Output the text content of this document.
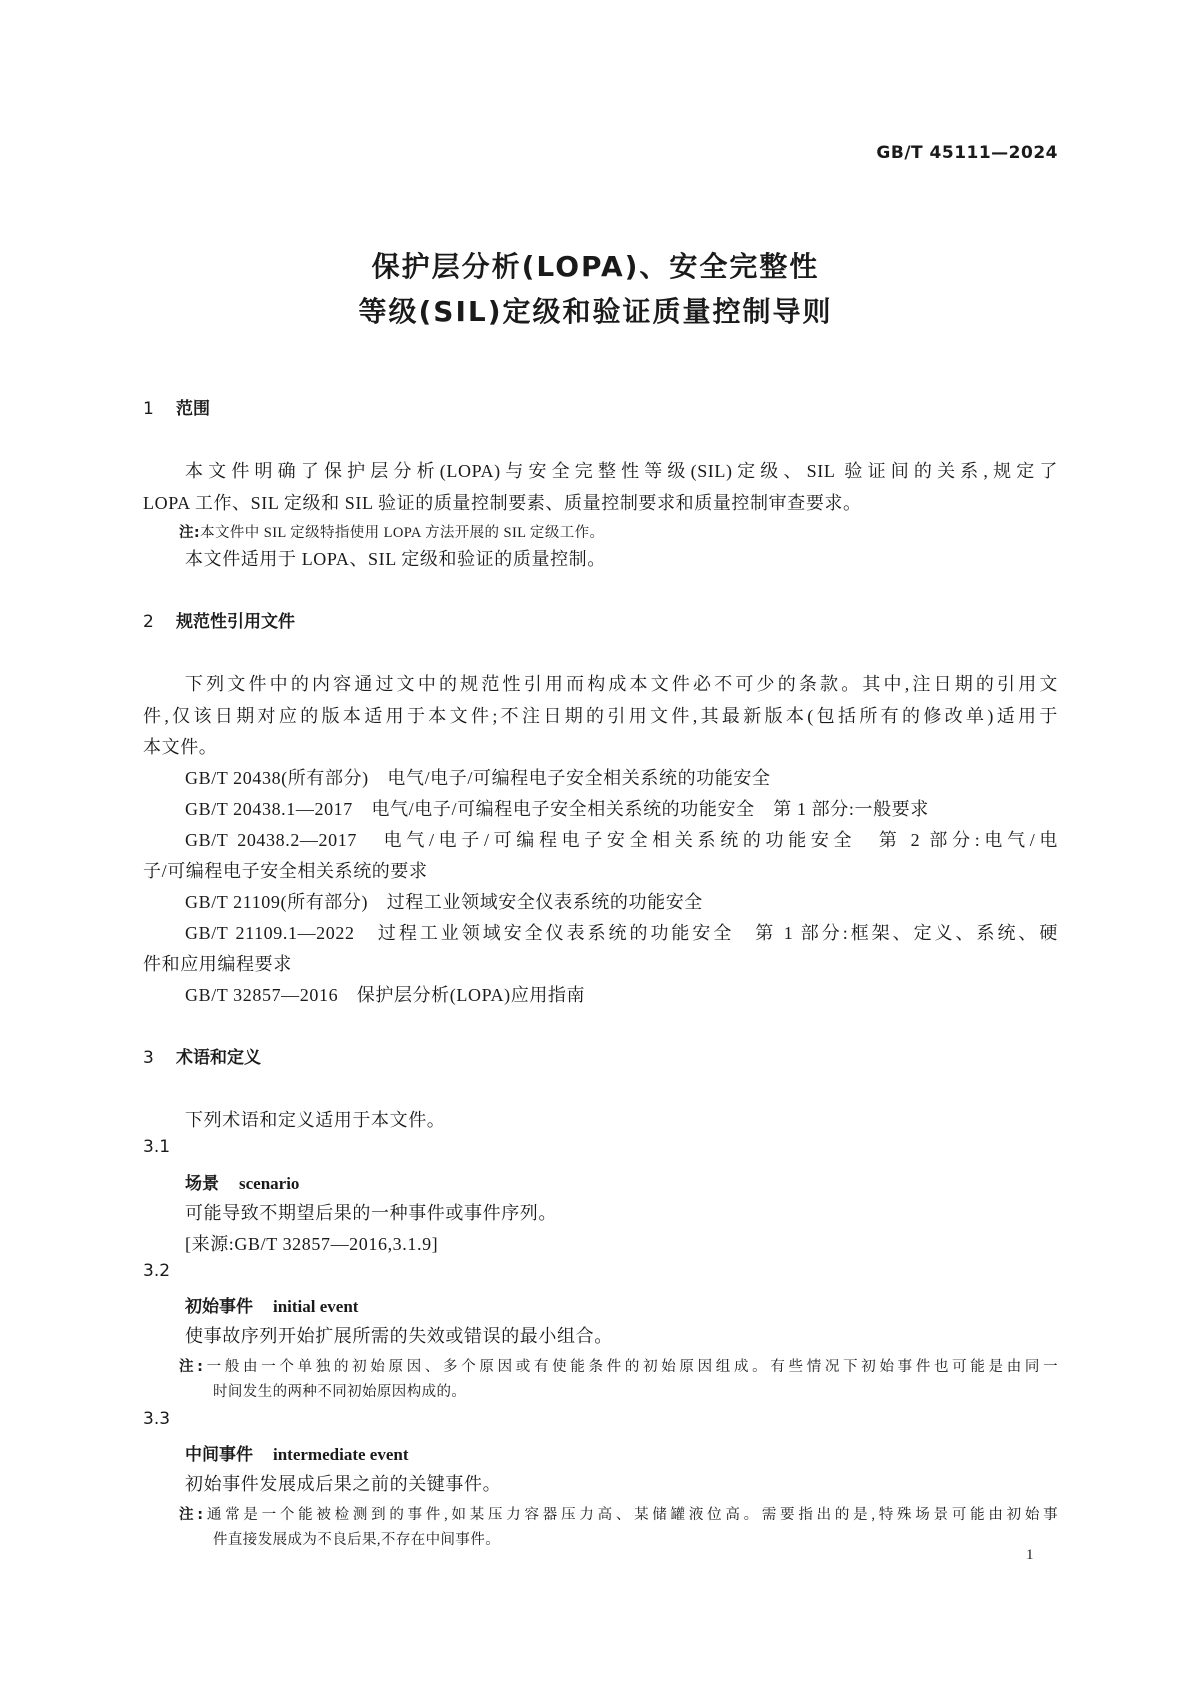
GB/T 45111—2024
保护层分析(LOPA)、安全完整性
等级(SIL)定级和验证质量控制导则
1 范围
本文件明确了保护层分析(LOPA)与安全完整性等级(SIL)定级、SIL 验证间的关系,规定了
LOPA 工作、SIL 定级和 SIL 验证的质量控制要素、质量控制要求和质量控制审查要求。
注:本文件中 SIL 定级特指使用 LOPA 方法开展的 SIL 定级工作。
本文件适用于 LOPA、SIL 定级和验证的质量控制。
2 规范性引用文件
下列文件中的内容通过文中的规范性引用而构成本文件必不可少的条款。其中,注日期的引用文
件,仅该日期对应的版本适用于本文件;不注日期的引用文件,其最新版本(包括所有的修改单)适用于
本文件。
GB/T 20438(所有部分)　电气/电子/可编程电子安全相关系统的功能安全
GB/T 20438.1—2017　电气/电子/可编程电子安全相关系统的功能安全　第 1 部分:一般要求
GB/T 20438.2—2017　电气/电子/可编程电子安全相关系统的功能安全　第 2 部分:电气/电
子/可编程电子安全相关系统的要求
GB/T 21109(所有部分)　过程工业领域安全仪表系统的功能安全
GB/T 21109.1—2022　过程工业领域安全仪表系统的功能安全　第 1 部分:框架、定义、系统、硬
件和应用编程要求
GB/T 32857—2016　保护层分析(LOPA)应用指南
3 术语和定义
下列术语和定义适用于本文件。
3.1
场景 scenario
可能导致不期望后果的一种事件或事件序列。
[来源:GB/T 32857—2016,3.1.9]
3.2
初始事件 initial event
使事故序列开始扩展所需的失效或错误的最小组合。
注:一般由一个单独的初始原因、多个原因或有使能条件的初始原因组成。有些情况下初始事件也可能是由同一
时间发生的两种不同初始原因构成的。
3.3
中间事件 intermediate event
初始事件发展成后果之前的关键事件。
注:通常是一个能被检测到的事件,如某压力容器压力高、某储罐液位高。需要指出的是,特殊场景可能由初始事
件直接发展成为不良后果,不存在中间事件。
1
